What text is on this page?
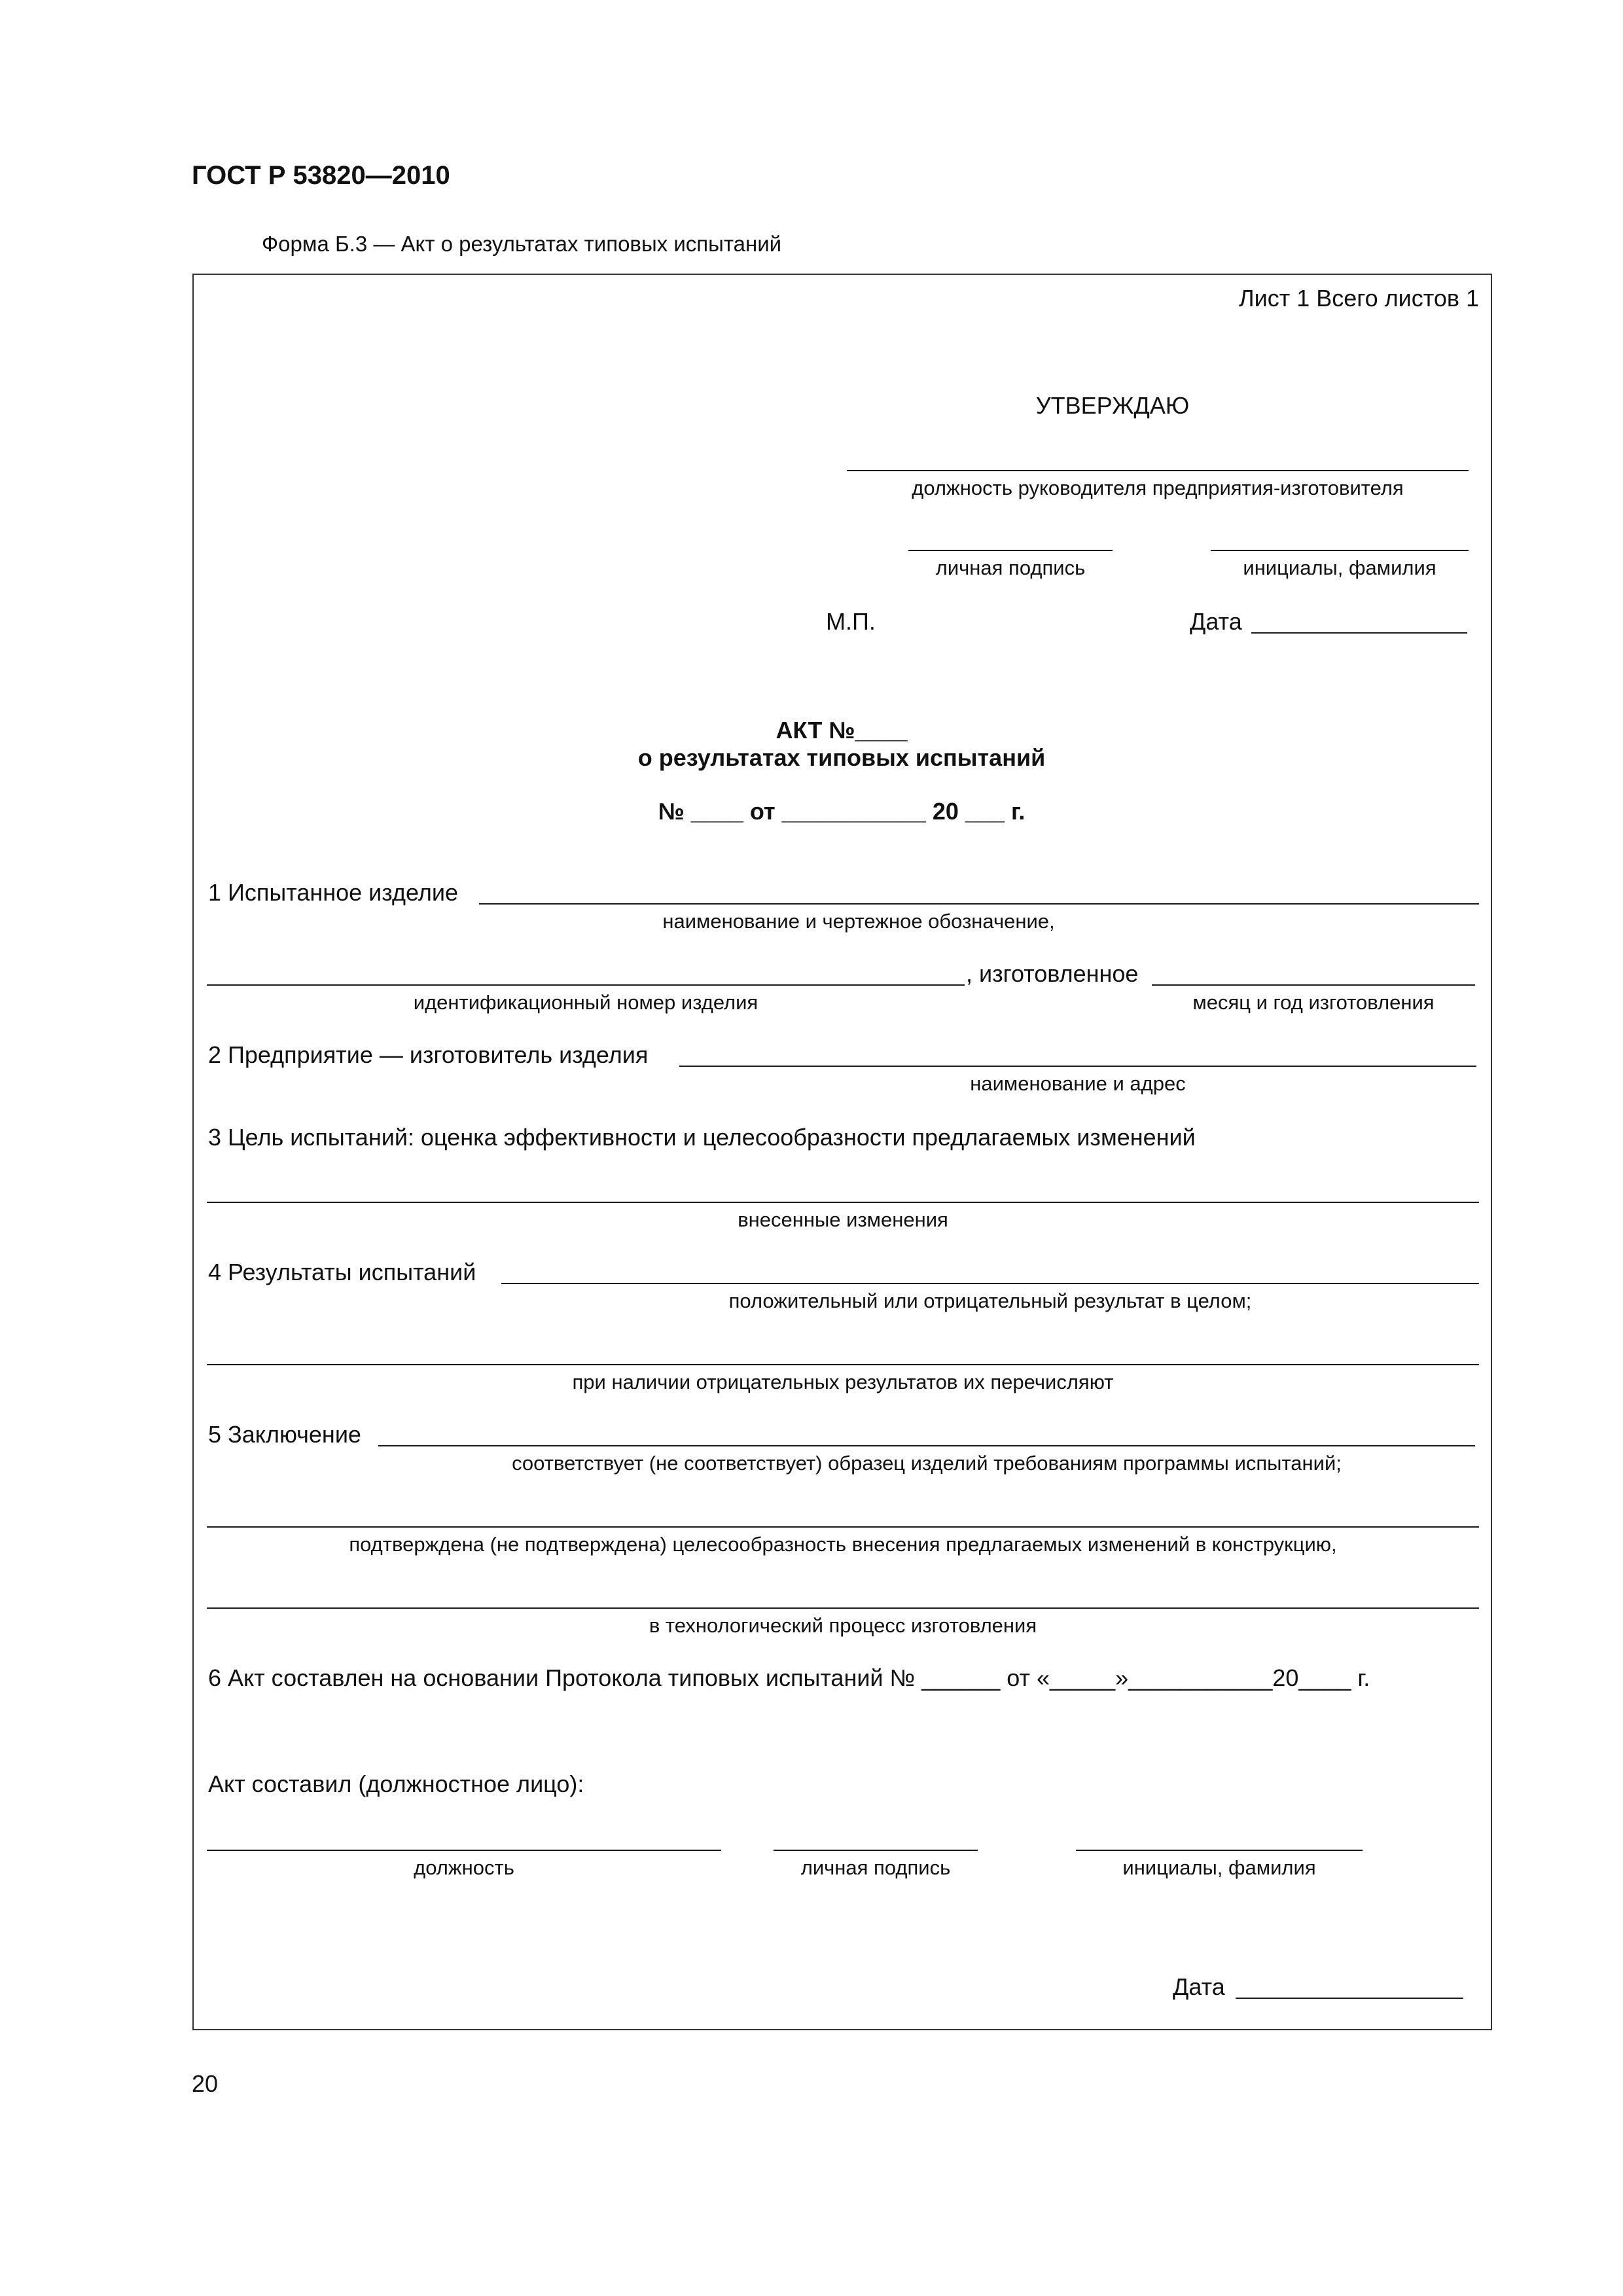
ГОСТ Р 53820—2010
Форма Б.3 — Акт о результатах типовых испытаний
Лист 1 Всего листов 1
УТВЕРЖДАЮ
должность руководителя предприятия-изготовителя
личная подпись	инициалы, фамилия
М.П.	Дата
АКТ №____
о результатах типовых испытаний
№ ____ от ___________ 20 ___ г.
1 Испытанное изделие
наименование и чертежное обозначение,
, изготовленное
идентификационный номер изделия	месяц и год изготовления
2 Предприятие — изготовитель изделия
наименование и адрес
3 Цель испытаний: оценка эффективности и целесообразности предлагаемых изменений
внесенные изменения
4 Результаты испытаний
положительный или отрицательный результат в целом;
при наличии отрицательных результатов их перечисляют
5 Заключение
соответствует (не соответствует) образец изделий требованиям программы испытаний;
подтверждена (не подтверждена) целесообразность внесения предлагаемых изменений в конструкцию,
в технологический процесс изготовления
6 Акт составлен на основании Протокола типовых испытаний № ______ от «_____»___________20____ г.
Акт составил (должностное лицо):
должность	личная подпись	инициалы, фамилия
Дата
20
